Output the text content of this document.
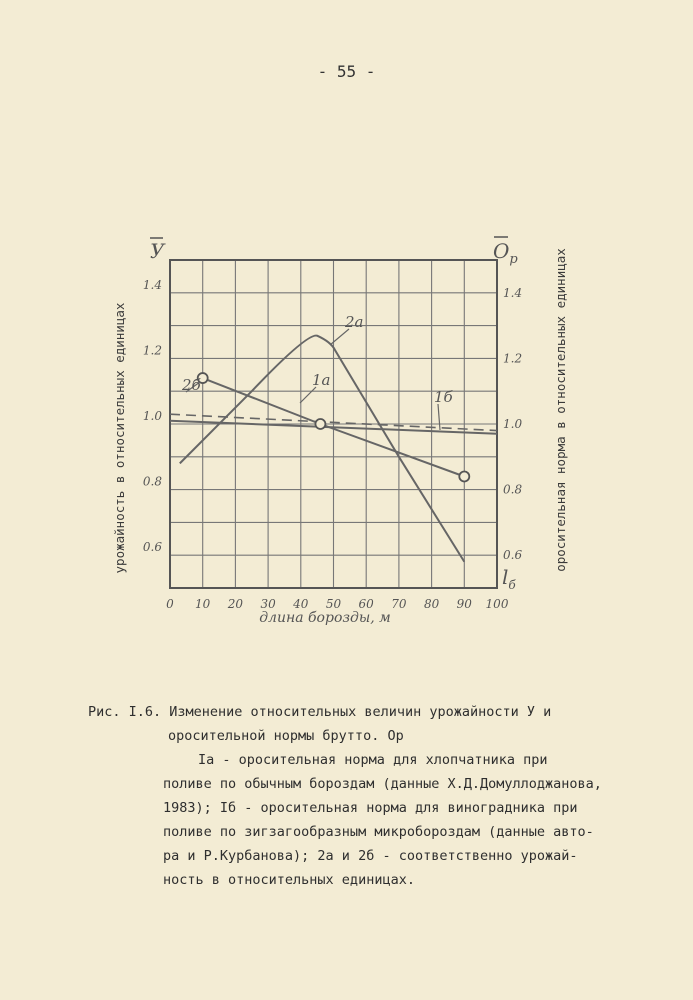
- 55 -
1а
1б
2а
2б
0 10 20 30 40 50 60 70 80 90 100
0.6
0.8
1.0
1.2
1.4
0.6
0.8
1.0
1.2
1.4
У	$О_р$
$l_б$
длина борозды, м
урожайность в относительных единицах	оросительная норма в относительных единицах
Рис. I.6. Изменение относительных величин урожайности У и
оросительной нормы брутто. Ор
Iа - оросительная норма для хлопчатника при
поливе по обычным бороздам (данные Х.Д.Домуллоджанова,
1983); Iб - оросительная норма для виноградника при
поливе по зигзагообразным микробороздам (данные авто-
ра и Р.Курбанова); 2а и 2б - соответственно урожай-
ность в относительных единицах.
